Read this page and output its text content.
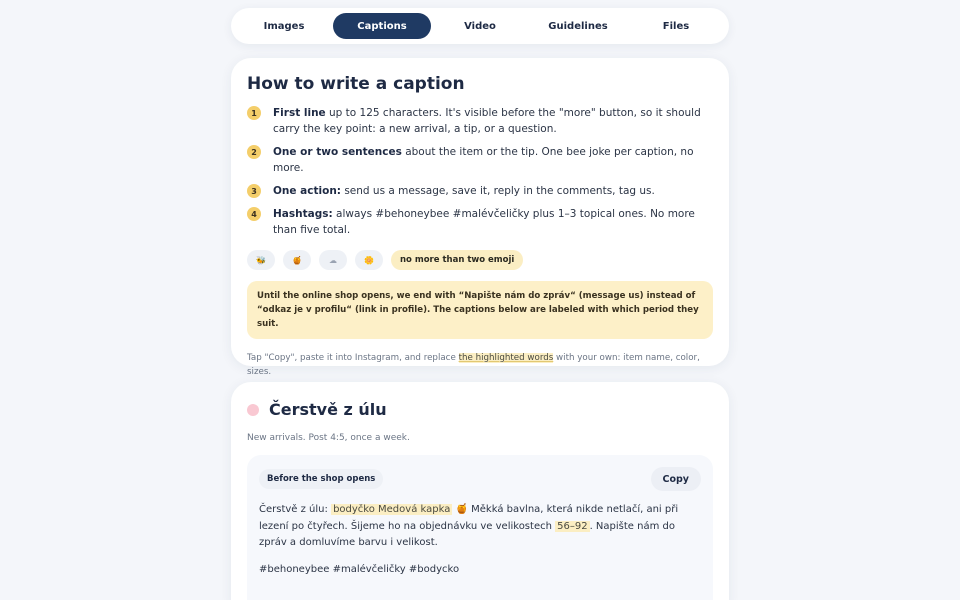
Images	Captions	Video	Guidelines	Files
How to write a caption
1	First line up to 125 characters. It's visible before the "more" button, so it should carry the key point: a new arrival, a tip, or a question.
2	One or two sentences about the item or the tip. One bee joke per caption, no more.
3	One action: send us a message, save it, reply in the comments, tag us.
4	Hashtags: always #behoneybee #malévčeličky plus 1–3 topical ones. No more than five total.
🐝	🍯	☁	🌼	no more than two emoji
Until the online shop opens, we end with “Napište nám do zpráv“ (message us) instead of “odkaz je v profilu“ (link in profile). The captions below are labeled with which period they suit.

Tap "Copy", paste it into Instagram, and replace the highlighted words with your own: item name, color, sizes.

Čerstvě z úlu

New arrivals. Post 4:5, once a week.

Before the shop opens	Copy

Čerstvě z úlu: bodyčko Medová kapka 🍯 Měkká bavlna, která nikde netlačí, ani při lezení po čtyřech. Šijeme ho na objednávku ve velikostech 56–92 . Napište nám do zpráv a domluvíme barvu i velikost.

#behoneybee #malévčeličky #bodycko
